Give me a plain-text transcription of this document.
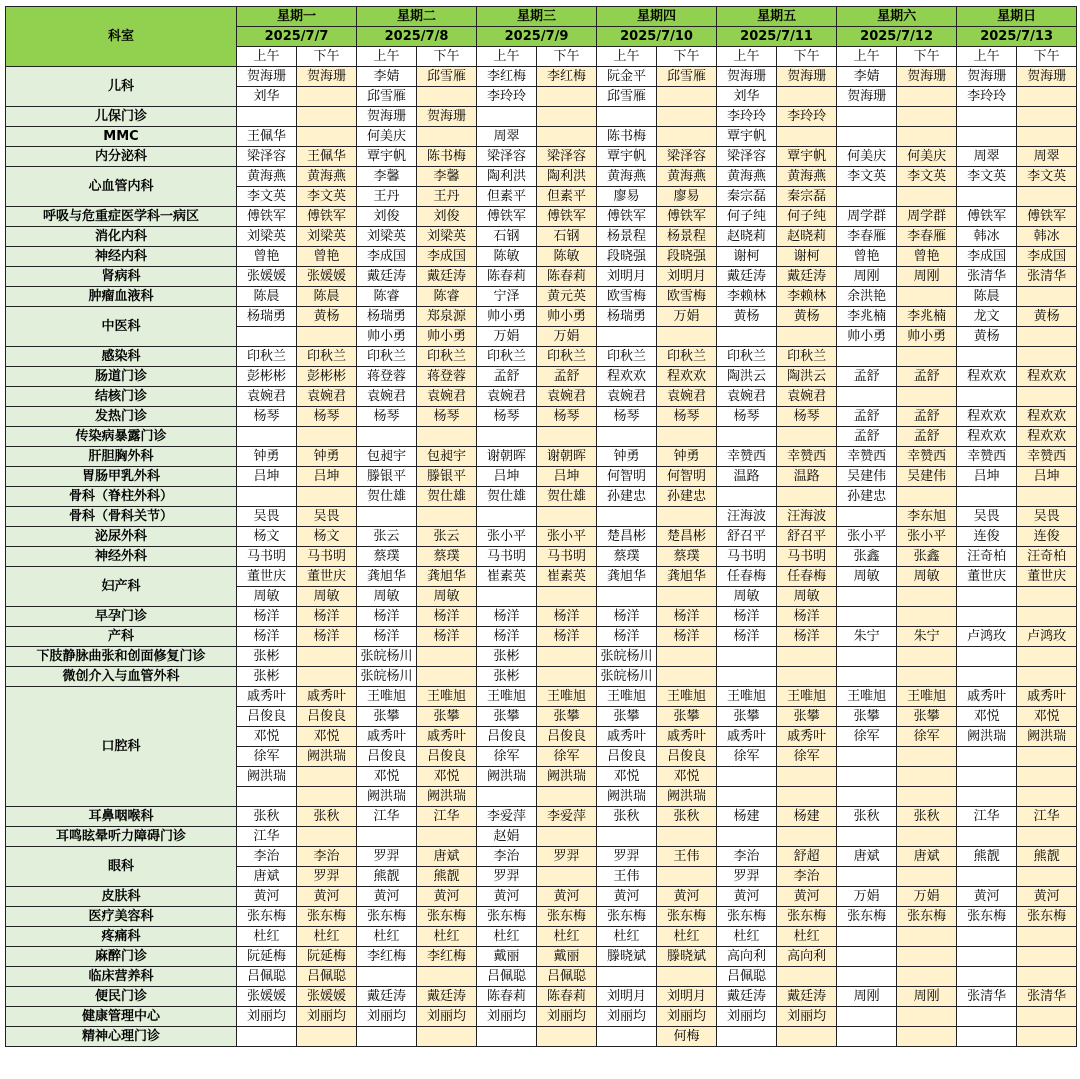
科室	星期一		星期二		星期三		星期四		星期五		星期六		星期日	
	2025/7/7		2025/7/8		2025/7/9		2025/7/10		2025/7/11		2025/7/12		2025/7/13	
	上午	下午	上午	下午	上午	下午	上午	下午	上午	下午	上午	下午	上午	下午
儿科	贺海珊	贺海珊	李婧	邱雪雁	李红梅	李红梅	阮金平	邱雪雁	贺海珊	贺海珊	李婧	贺海珊	贺海珊	贺海珊
	刘华		邱雪雁		李玲玲		邱雪雁		刘华		贺海珊		李玲玲	
儿保门诊			贺海珊	贺海珊					李玲玲	李玲玲				
MMC	王佩华		何美庆		周翠		陈书梅		覃宇帆					
内分泌科	梁泽容	王佩华	覃宇帆	陈书梅	梁泽容	梁泽容	覃宇帆	梁泽容	梁泽容	覃宇帆	何美庆	何美庆	周翠	周翠
心血管内科	黄海燕	黄海燕	李馨	李馨	陶利洪	陶利洪	黄海燕	黄海燕	黄海燕	黄海燕	李文英	李文英	李文英	李文英
	李文英	李文英	王丹	王丹	但素平	但素平	廖易	廖易	秦宗磊	秦宗磊				
呼吸与危重症医学科一病区	傅铁军	傅铁军	刘俊	刘俊	傅铁军	傅铁军	傅铁军	傅铁军	何子纯	何子纯	周学群	周学群	傅铁军	傅铁军
消化内科	刘梁英	刘梁英	刘梁英	刘梁英	石钢	石钢	杨景程	杨景程	赵晓莉	赵晓莉	李春雁	李春雁	韩冰	韩冰
神经内科	曾艳	曾艳	李成国	李成国	陈敏	陈敏	段晓强	段晓强	谢柯	谢柯	曾艳	曾艳	李成国	李成国
肾病科	张媛媛	张媛媛	戴廷涛	戴廷涛	陈春莉	陈春莉	刘明月	刘明月	戴廷涛	戴廷涛	周刚	周刚	张清华	张清华
肿瘤血液科	陈晨	陈晨	陈睿	陈睿	宁泽	黄元英	欧雪梅	欧雪梅	李赖林	李赖林	余洪艳		陈晨	
中医科	杨瑞勇	黄杨	杨瑞勇	郑泉源	帅小勇	帅小勇	杨瑞勇	万娟	黄杨	黄杨	李兆楠	李兆楠	龙文	黄杨
			帅小勇	帅小勇	万娟	万娟					帅小勇	帅小勇	黄杨	
感染科	印秋兰	印秋兰	印秋兰	印秋兰	印秋兰	印秋兰	印秋兰	印秋兰	印秋兰	印秋兰				
肠道门诊	彭彬彬	彭彬彬	蒋登蓉	蒋登蓉	孟舒	孟舒	程欢欢	程欢欢	陶洪云	陶洪云	孟舒	孟舒	程欢欢	程欢欢
结核门诊	袁婉君	袁婉君	袁婉君	袁婉君	袁婉君	袁婉君	袁婉君	袁婉君	袁婉君	袁婉君				
发热门诊	杨琴	杨琴	杨琴	杨琴	杨琴	杨琴	杨琴	杨琴	杨琴	杨琴	孟舒	孟舒	程欢欢	程欢欢
传染病暴露门诊											孟舒	孟舒	程欢欢	程欢欢
肝胆胸外科	钟勇	钟勇	包昶宇	包昶宇	谢朝晖	谢朝晖	钟勇	钟勇	幸赞西	幸赞西	幸赞西	幸赞西	幸赞西	幸赞西
胃肠甲乳外科	吕坤	吕坤	滕银平	滕银平	吕坤	吕坤	何智明	何智明	温路	温路	吴建伟	吴建伟	吕坤	吕坤
骨科（脊柱外科）			贺仕雄	贺仕雄	贺仕雄	贺仕雄	孙建忠	孙建忠			孙建忠			
骨科（骨科关节）	吴畏	吴畏							汪海波	汪海波		李东旭	吴畏	吴畏
泌尿外科	杨文	杨文	张云	张云	张小平	张小平	楚昌彬	楚昌彬	舒召平	舒召平	张小平	张小平	连俊	连俊
神经外科	马书明	马书明	蔡璞	蔡璞	马书明	马书明	蔡璞	蔡璞	马书明	马书明	张鑫	张鑫	汪奇柏	汪奇柏
妇产科	董世庆	董世庆	龚旭华	龚旭华	崔素英	崔素英	龚旭华	龚旭华	任春梅	任春梅	周敏	周敏	董世庆	董世庆
	周敏	周敏	周敏	周敏					周敏	周敏				
早孕门诊	杨洋	杨洋	杨洋	杨洋	杨洋	杨洋	杨洋	杨洋	杨洋	杨洋				
产科	杨洋	杨洋	杨洋	杨洋	杨洋	杨洋	杨洋	杨洋	杨洋	杨洋	朱宁	朱宁	卢鸿玫	卢鸿玫
下肢静脉曲张和创面修复门诊	张彬		张皖杨川		张彬		张皖杨川							
微创介入与血管外科	张彬		张皖杨川		张彬		张皖杨川							
口腔科	戚秀叶	戚秀叶	王唯旭	王唯旭	王唯旭	王唯旭	王唯旭	王唯旭	王唯旭	王唯旭	王唯旭	王唯旭	戚秀叶	戚秀叶
	吕俊良	吕俊良	张攀	张攀	张攀	张攀	张攀	张攀	张攀	张攀	张攀	张攀	邓悦	邓悦
	邓悦	邓悦	戚秀叶	戚秀叶	吕俊良	吕俊良	戚秀叶	戚秀叶	戚秀叶	戚秀叶	徐军	徐军	阙洪瑞	阙洪瑞
	徐军	阙洪瑞	吕俊良	吕俊良	徐军	徐军	吕俊良	吕俊良	徐军	徐军				
	阙洪瑞		邓悦	邓悦	阙洪瑞	阙洪瑞	邓悦	邓悦						
			阙洪瑞	阙洪瑞			阙洪瑞	阙洪瑞						
耳鼻咽喉科	张秋	张秋	江华	江华	李爱萍	李爱萍	张秋	张秋	杨建	杨建	张秋	张秋	江华	江华
耳鸣眩晕听力障碍门诊	江华				赵娟									
眼科	李治	李治	罗羿	唐斌	李治	罗羿	罗羿	王伟	李治	舒超	唐斌	唐斌	熊靓	熊靓
	唐斌	罗羿	熊靓	熊靓	罗羿		王伟		罗羿	李治				
皮肤科	黄河	黄河	黄河	黄河	黄河	黄河	黄河	黄河	黄河	黄河	万娟	万娟	黄河	黄河
医疗美容科	张东梅	张东梅	张东梅	张东梅	张东梅	张东梅	张东梅	张东梅	张东梅	张东梅	张东梅	张东梅	张东梅	张东梅
疼痛科	杜红	杜红	杜红	杜红	杜红	杜红	杜红	杜红	杜红	杜红				
麻醉门诊	阮延梅	阮延梅	李红梅	李红梅	戴丽	戴丽	滕晓斌	滕晓斌	高向利	高向利				
临床营养科	吕佩聪	吕佩聪			吕佩聪	吕佩聪			吕佩聪					
便民门诊	张媛媛	张媛媛	戴廷涛	戴廷涛	陈春莉	陈春莉	刘明月	刘明月	戴廷涛	戴廷涛	周刚	周刚	张清华	张清华
健康管理中心	刘丽均	刘丽均	刘丽均	刘丽均	刘丽均	刘丽均	刘丽均	刘丽均	刘丽均	刘丽均				
精神心理门诊								何梅						
